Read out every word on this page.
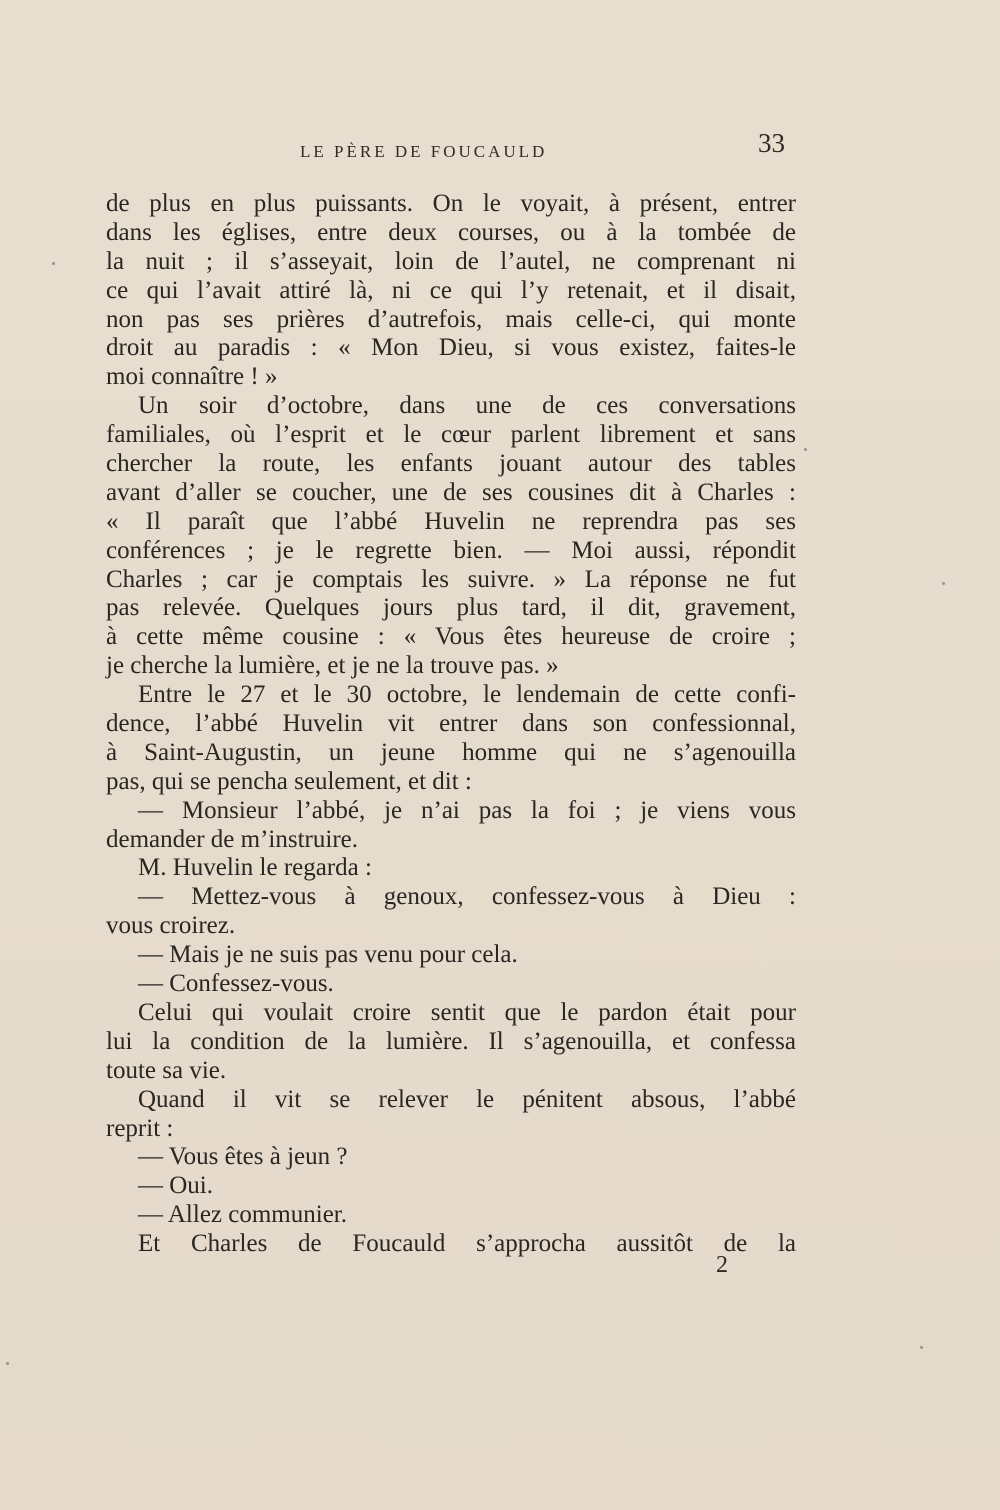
LE PÈRE DE FOUCAULD	33
de plus en plus puissants. On le voyait, à présent, entrer
dans les églises, entre deux courses, ou à la tombée de
la nuit ; il s’asseyait, loin de l’autel, ne comprenant ni
ce qui l’avait attiré là, ni ce qui l’y retenait, et il disait,
non pas ses prières d’autrefois, mais celle-ci, qui monte
droit au paradis : « Mon Dieu, si vous existez, faites-le
moi connaître ! »
Un soir d’octobre, dans une de ces conversations
familiales, où l’esprit et le cœur parlent librement et sans
chercher la route, les enfants jouant autour des tables
avant d’aller se coucher, une de ses cousines dit à Charles :
« Il paraît que l’abbé Huvelin ne reprendra pas ses
conférences ; je le regrette bien. — Moi aussi, répondit
Charles ; car je comptais les suivre. » La réponse ne fut
pas relevée. Quelques jours plus tard, il dit, gravement,
à cette même cousine : « Vous êtes heureuse de croire ;
je cherche la lumière, et je ne la trouve pas. »
Entre le 27 et le 30 octobre, le lendemain de cette confi-
dence, l’abbé Huvelin vit entrer dans son confessionnal,
à Saint-Augustin, un jeune homme qui ne s’agenouilla
pas, qui se pencha seulement, et dit :
— Monsieur l’abbé, je n’ai pas la foi ; je viens vous
demander de m’instruire.
M. Huvelin le regarda :
— Mettez-vous à genoux, confessez-vous à Dieu :
vous croirez.
— Mais je ne suis pas venu pour cela.
— Confessez-vous.
Celui qui voulait croire sentit que le pardon était pour
lui la condition de la lumière. Il s’agenouilla, et confessa
toute sa vie.
Quand il vit se relever le pénitent absous, l’abbé
reprit :
— Vous êtes à jeun ?
— Oui.
— Allez communier.
Et Charles de Foucauld s’approcha aussitôt de la
2
